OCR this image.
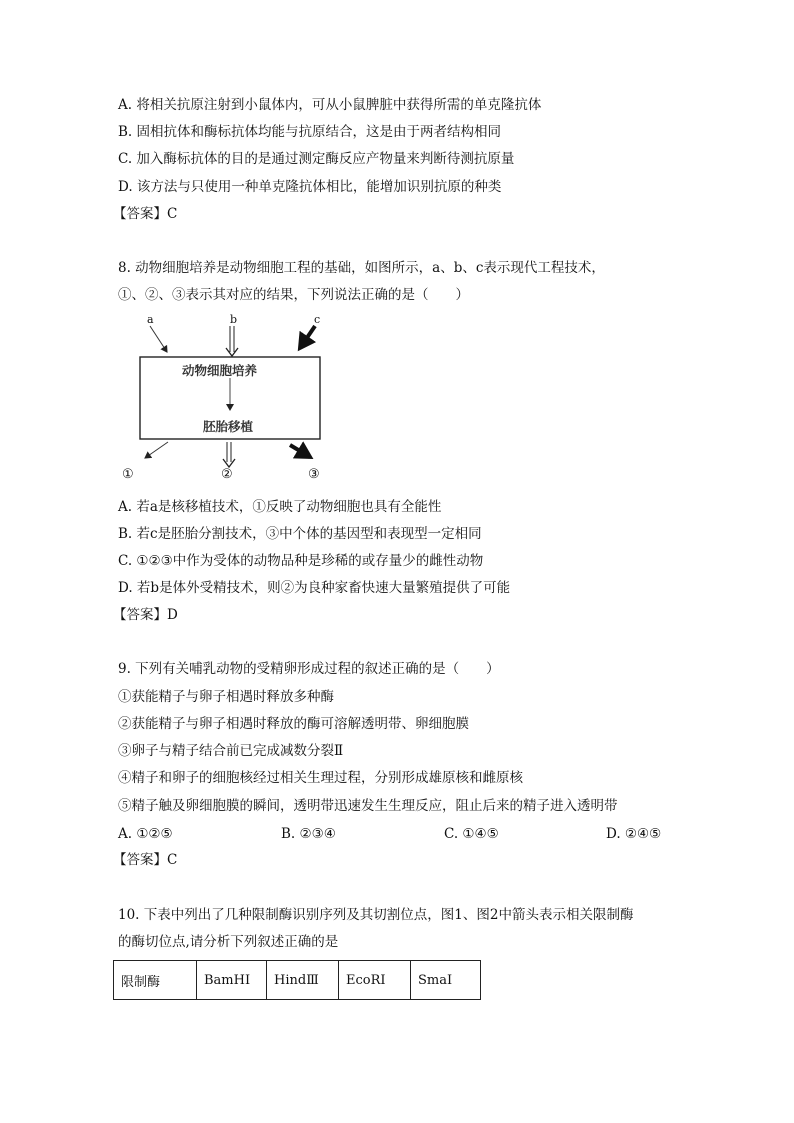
A. 将相关抗原注射到小鼠体内，可从小鼠脾脏中获得所需的单克隆抗体
B. 固相抗体和酶标抗体均能与抗原结合，这是由于两者结构相同
C. 加入酶标抗体的目的是通过测定酶反应产物量来判断待测抗原量
D. 该方法与只使用一种单克隆抗体相比，能增加识别抗原的种类
【答案】C
8. 动物细胞培养是动物细胞工程的基础，如图所示，a、b、c表示现代工程技术，
①、②、③表示其对应的结果，下列说法正确的是（　　）
a	b	c
动物细胞培养
胚胎移植
①	②	③
A. 若a是核移植技术，①反映了动物细胞也具有全能性
B. 若c是胚胎分割技术，③中个体的基因型和表现型一定相同
C. ①②③中作为受体的动物品种是珍稀的或存量少的雌性动物
D. 若b是体外受精技术，则②为良种家畜快速大量繁殖提供了可能
【答案】D
9. 下列有关哺乳动物的受精卵形成过程的叙述正确的是（　　）
①获能精子与卵子相遇时释放多种酶
②获能精子与卵子相遇时释放的酶可溶解透明带、卵细胞膜
③卵子与精子结合前已完成减数分裂Ⅱ
④精子和卵子的细胞核经过相关生理过程，分别形成雄原核和雌原核
⑤精子触及卵细胞膜的瞬间，透明带迅速发生生理反应，阻止后来的精子进入透明带
A. ①②⑤	B. ②③④	C. ①④⑤	D. ②④⑤
【答案】C
10. 下表中列出了几种限制酶识别序列及其切割位点，图1、图2中箭头表示相关限制酶
的酶切位点,请分析下列叙述正确的是
限制酶	BamHⅠ	HindⅢ	EcoRⅠ	SmaⅠ
